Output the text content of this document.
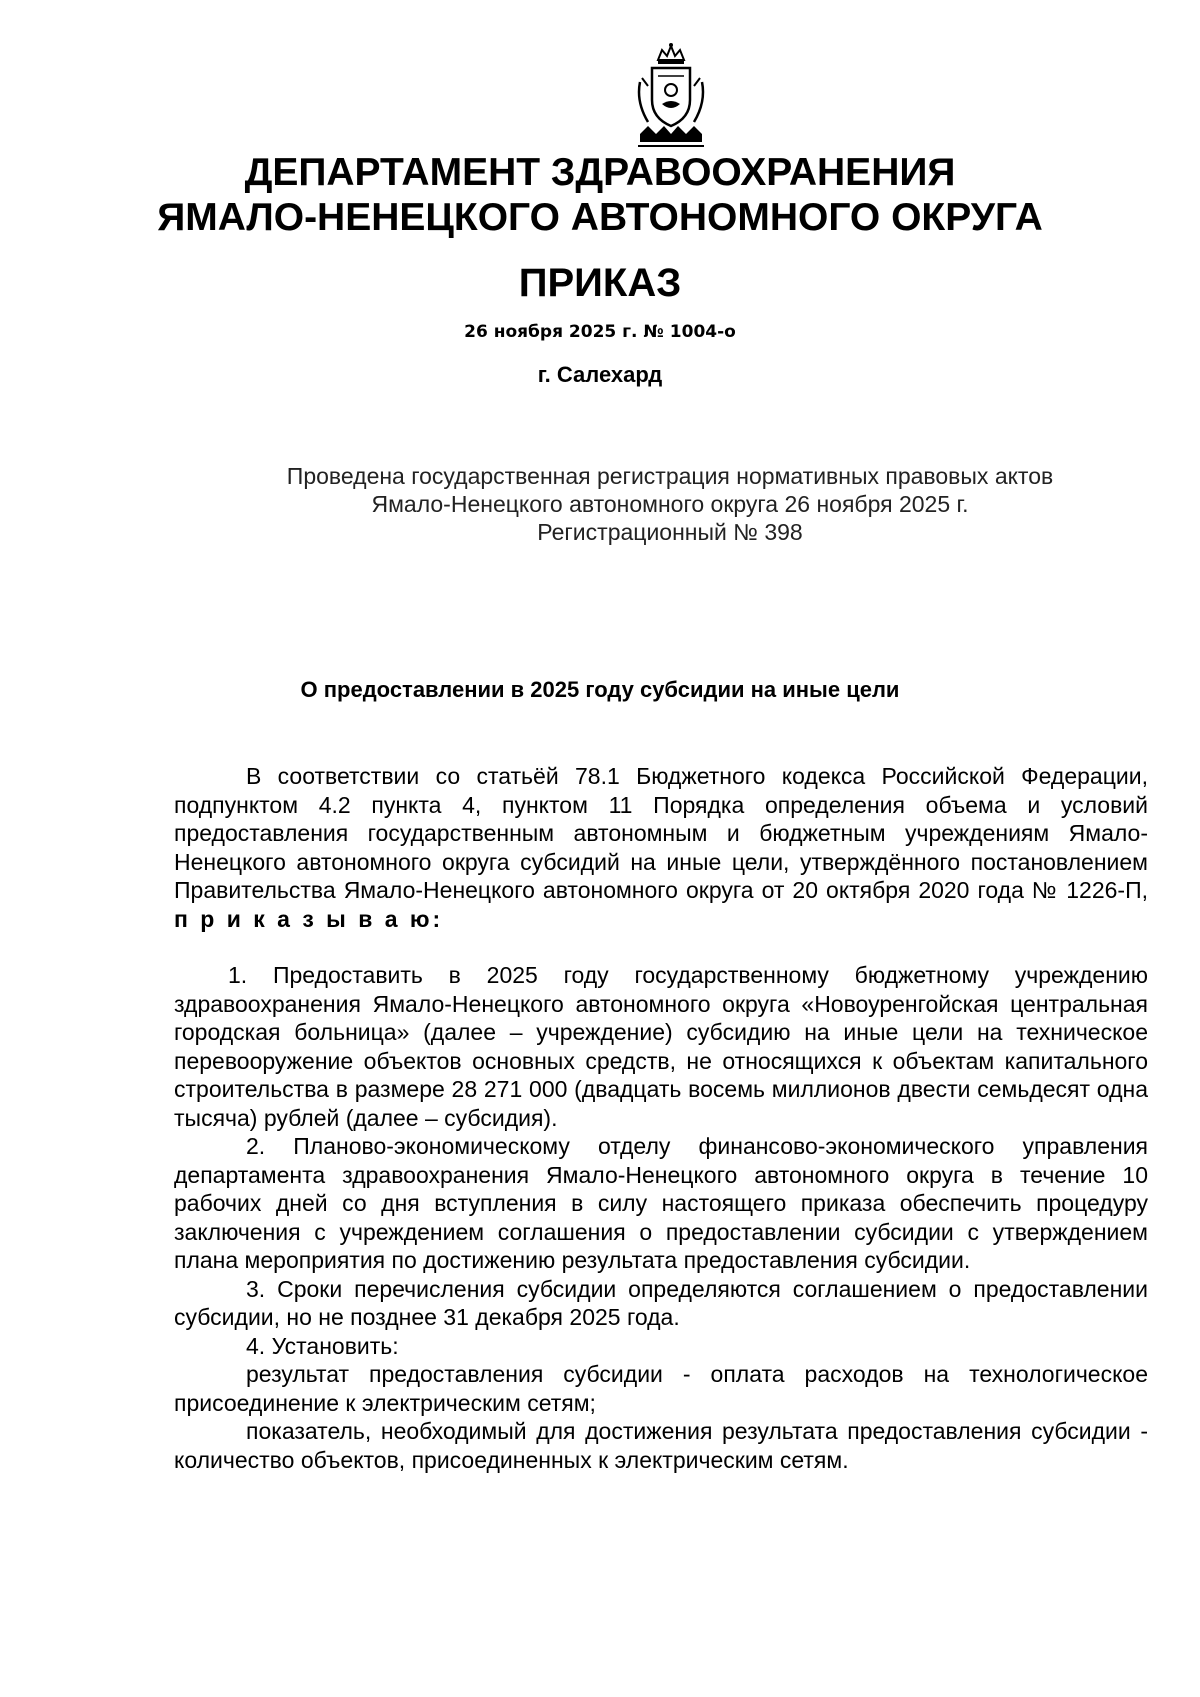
ДЕПАРТАМЕНТ ЗДРАВООХРАНЕНИЯ
ЯМАЛО-НЕНЕЦКОГО АВТОНОМНОГО ОКРУГА
ПРИКАЗ
26 ноября 2025 г. № 1004-о
г. Салехард
Проведена государственная регистрация нормативных правовых актов
Ямало-Ненецкого автономного округа 26 ноября 2025 г.
Регистрационный № 398
О предоставлении в 2025 году субсидии на иные цели

В соответствии со статьёй 78.1 Бюджетного кодекса Российской Федерации, подпунктом 4.2 пункта 4, пунктом 11 Порядка определения объема и условий предоставления государственным автономным и бюджетным учреждениям Ямало-Ненецкого автономного округа субсидий на иные цели, утверждённого постановлением Правительства Ямало-Ненецкого автономного округа от 20 октября 2020 года № 1226-П, п р и к а з ы в а ю:

1. Предоставить в 2025 году государственному бюджетному учреждению здравоохранения Ямало-Ненецкого автономного округа «Новоуренгойская центральная городская больница» (далее – учреждение) субсидию на иные цели на техническое перевооружение объектов основных средств, не относящихся к объектам капитального строительства в размере 28 271 000 (двадцать восемь миллионов двести семьдесят одна тысяча) рублей (далее – субсидия).

2. Планово-экономическому отделу финансово-экономического управления департамента здравоохранения Ямало-Ненецкого автономного округа в течение 10 рабочих дней со дня вступления в силу настоящего приказа обеспечить процедуру заключения с учреждением соглашения о предоставлении субсидии с утверждением плана мероприятия по достижению результата предоставления субсидии.

3. Сроки перечисления субсидии определяются соглашением о предоставлении субсидии, но не позднее 31 декабря 2025 года.

4. Установить:

результат предоставления субсидии - оплата расходов на технологическое присоединение к электрическим сетям;

показатель, необходимый для достижения результата предоставления субсидии - количество объектов, присоединенных к электрическим сетям.
